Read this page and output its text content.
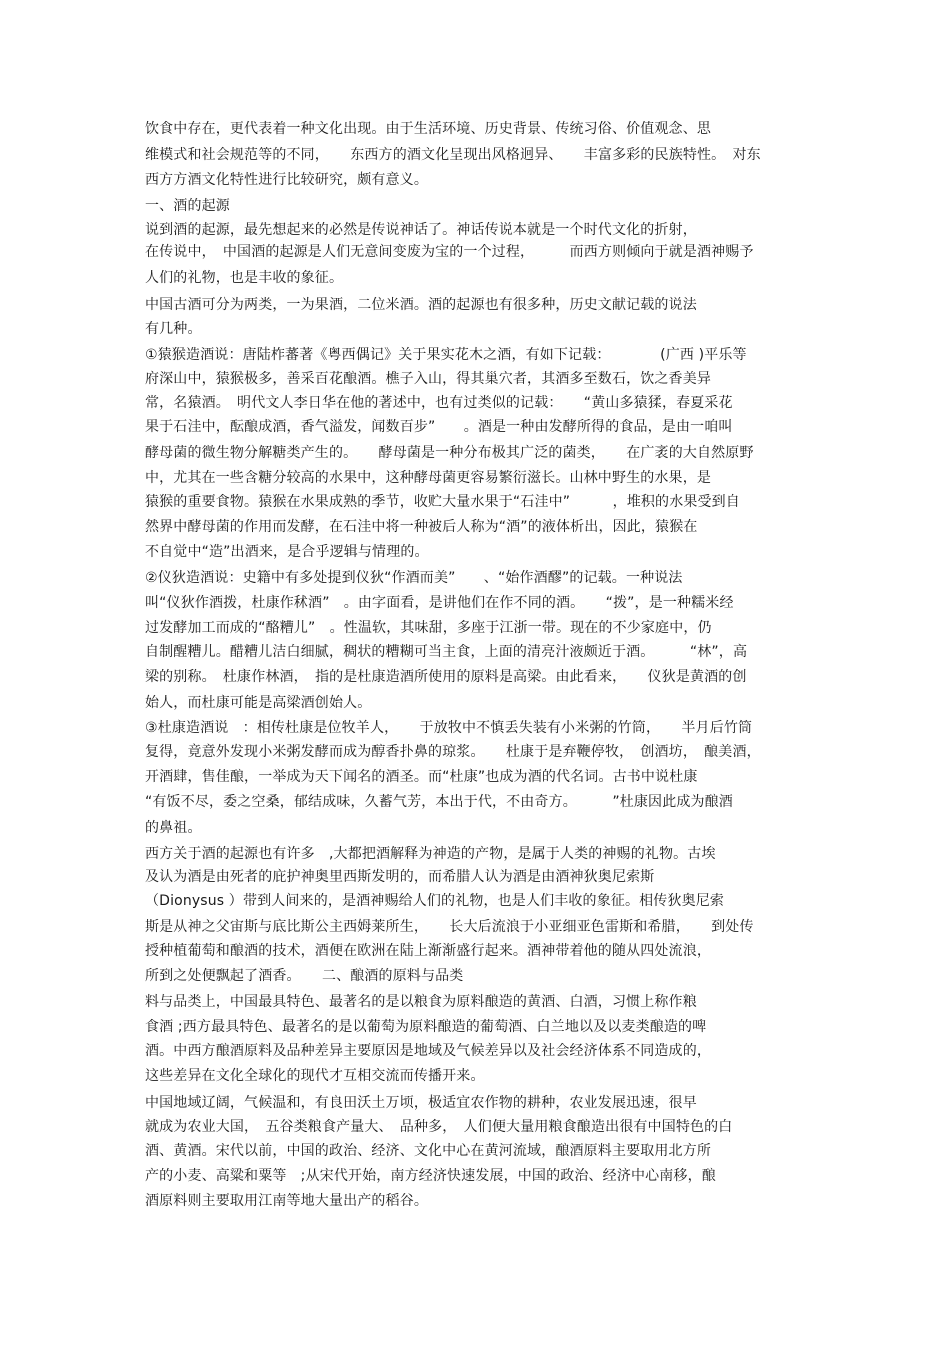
饮食中存在，更代表着一种文化出现。由于生活环境、历史背景、传统习俗、价值观念、思
维模式和社会规范等的不同，　　东西方的酒文化呈现出风格迥异、　　丰富多彩的民族特性。　对东
西方方酒文化特性进行比较研究，颇有意义。
一、酒的起源
说到酒的起源，最先想起来的必然是传说神话了。神话传说本就是一个时代文化的折射，
在传说中，　中国酒的起源是人们无意间变废为宝的一个过程，　　　而西方则倾向于就是酒神赐予
人们的礼物，也是丰收的象征。
中国古酒可分为两类，一为果酒，二位米酒。酒的起源也有很多种，历史文献记载的说法
有几种。
①猿猴造酒说：唐陆柞蕃著《粤西偶记》关于果实花木之酒，有如下记载：　　　　(广西 )平乐等
府深山中，猿猴极多，善采百花酿酒。樵子入山，得其巢穴者，其酒多至数石，饮之香美异
常，名猿酒。　明代文人李日华在他的著述中，也有过类似的记载：　　“黄山多猿猱，春夏采花
果于石洼中，酝酿成酒，香气溢发，闻数百步”　　。酒是一种由发酵所得的食品，是由一咱叫
酵母菌的微生物分解糖类产生的。　　酵母菌是一种分布极其广泛的菌类，　　在广袤的大自然原野
中，尤其在一些含糖分较高的水果中，这种酵母菌更容易繁衍滋长。山林中野生的水果，是
猿猴的重要食物。猿猴在水果成熟的季节，收贮大量水果于“石洼中”　　　，堆积的水果受到自
然界中酵母菌的作用而发酵，在石洼中将一种被后人称为“酒”的液体析出，因此，猿猴在
不自觉中“造”出酒来，是合乎逻辑与情理的。
②仪狄造酒说：史籍中有多处提到仪狄“作酒而美”　　、“始作酒醪”的记载。一种说法
叫“仪狄作酒拨，杜康作秫酒”　。由字面看，是讲他们在作不同的酒。　　“拨”，是一种糯米经
过发酵加工而成的“酪糟儿”　。性温软，其味甜，多座于江浙一带。现在的不少家庭中，仍
自制醒糟儿。醋糟儿洁白细腻，稠状的糟糊可当主食，上面的清亮汁液颇近于酒。　　　“林”，高
梁的别称。　杜康作林酒，　指的是杜康造酒所使用的原料是高梁。由此看来，　　仪狄是黄酒的创
始人，而杜康可能是高梁酒创始人。
③杜康造酒说　：相传杜康是位牧羊人，　　于放牧中不慎丢失装有小米粥的竹筒，　　半月后竹筒
复得，竟意外发现小米粥发酵而成为醇香扑鼻的琼浆。　　杜康于是弃鞭停牧，　创酒坊，　酿美酒，
开酒肆，售佳酿，一举成为天下闻名的酒圣。而“杜康”也成为酒的代名词。古书中说杜康
“有饭不尽，委之空桑，郁结成味，久蓄气芳，本出于代，不由奇方。　　　”杜康因此成为酿酒
的鼻祖。
西方关于酒的起源也有许多　,大都把酒解释为神造的产物，是属于人类的神赐的礼物。古埃
及认为酒是由死者的庇护神奥里西斯发明的，而希腊人认为酒是由酒神狄奥尼索斯
（Dionysus ）带到人间来的，是酒神赐给人们的礼物，也是人们丰收的象征。相传狄奥尼索
斯是从神之父宙斯与底比斯公主西姆莱所生，　　长大后流浪于小亚细亚色雷斯和希腊，　　到处传
授种植葡萄和酿酒的技术，酒便在欧洲在陆上渐渐盛行起来。酒神带着他的随从四处流浪，
所到之处便飘起了酒香。　　二、酿酒的原料与品类
料与品类上，中国最具特色、最著名的是以粮食为原料酿造的黄酒、白酒，习惯上称作粮
食酒 ;西方最具特色、最著名的是以葡萄为原料酿造的葡萄酒、白兰地以及以麦类酿造的啤
酒。中西方酿酒原料及品种差异主要原因是地域及气候差异以及社会经济体系不同造成的，
这些差异在文化全球化的现代才互相交流而传播开来。
中国地域辽阔，气候温和，有良田沃土万顷，极适宜农作物的耕种，农业发展迅速，很早
就成为农业大国，　五谷类粮食产量大、　品种多，　人们便大量用粮食酿造出很有中国特色的白
酒、黄酒。宋代以前，中国的政治、经济、文化中心在黄河流域，酿酒原料主要取用北方所
产的小麦、高粱和粟等　;从宋代开始，南方经济快速发展，中国的政治、经济中心南移，酿
酒原料则主要取用江南等地大量出产的稻谷。
